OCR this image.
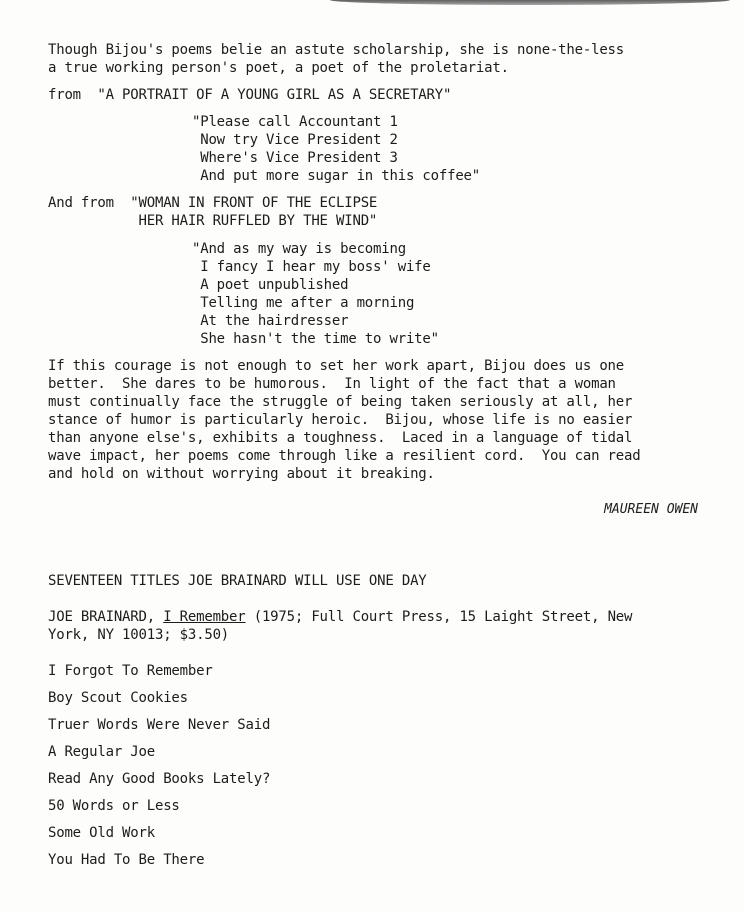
Though Bijou's poems belie an astute scholarship, she is none-the-less
a true working person's poet, a poet of the proletariat.
from  "A PORTRAIT OF A YOUNG GIRL AS A SECRETARY"
"Please call Accountant 1
Now try Vice President 2
Where's Vice President 3
And put more sugar in this coffee"
And from  "WOMAN IN FRONT OF THE ECLIPSE
HER HAIR RUFFLED BY THE WIND"
"And as my way is becoming
I fancy I hear my boss' wife
A poet unpublished
Telling me after a morning
At the hairdresser
She hasn't the time to write"
If this courage is not enough to set her work apart, Bijou does us one
better.  She dares to be humorous.  In light of the fact that a woman
must continually face the struggle of being taken seriously at all, her
stance of humor is particularly heroic.  Bijou, whose life is no easier
than anyone else's, exhibits a toughness.  Laced in a language of tidal
wave impact, her poems come through like a resilient cord.  You can read
and hold on without worrying about it breaking.
MAUREEN OWEN
SEVENTEEN TITLES JOE BRAINARD WILL USE ONE DAY
JOE BRAINARD, I Remember (1975; Full Court Press, 15 Laight Street, New
York, NY 10013; $3.50)
I Forgot To Remember
Boy Scout Cookies
Truer Words Were Never Said
A Regular Joe
Read Any Good Books Lately?
50 Words or Less
Some Old Work
You Had To Be There
